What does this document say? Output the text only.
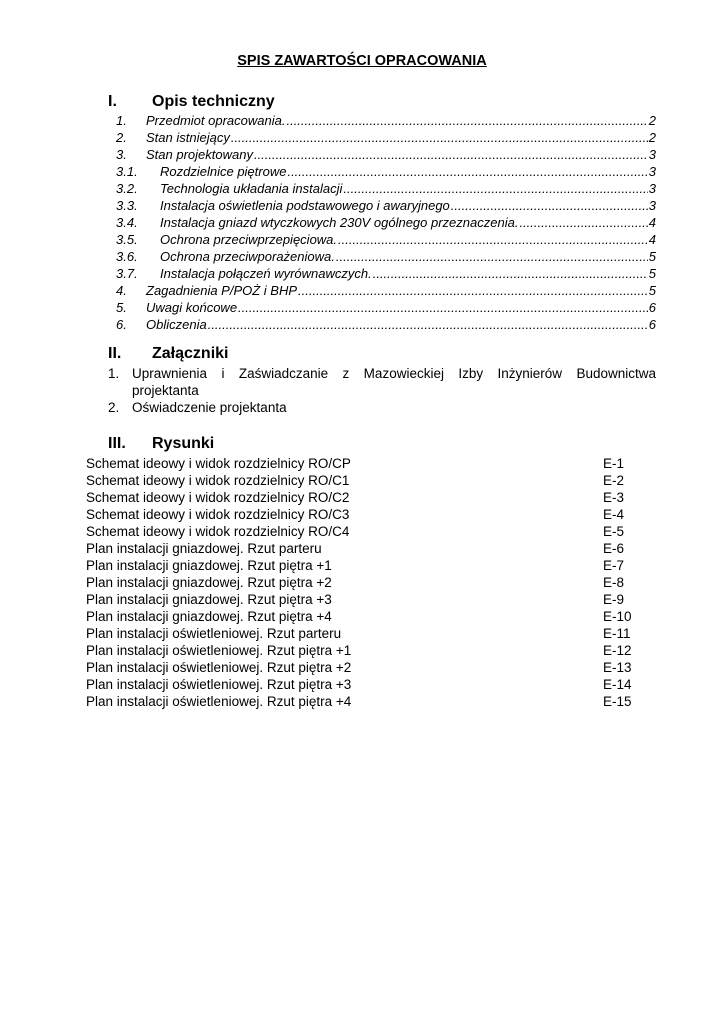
SPIS ZAWARTOŚCI OPRACOWANIA
I. Opis techniczny
1.	Przedmiot opracowania. .....	2
2.	Stan istniejący .....	2
3.	Stan projektowany .....	3
3.1.	Rozdzielnice piętrowe .....	3
3.2.	Technologia układania instalacji .....	3
3.3.	Instalacja oświetlenia podstawowego i awaryjnego .....	3
3.4.	Instalacja gniazd wtyczkowych 230V ogólnego przeznaczenia. .....	4
3.5.	Ochrona przeciwprzepięciowa. .....	4
3.6.	Ochrona przeciwporażeniowa. .....	5
3.7.	Instalacja połączeń wyrównawczych. .....	5
4.	Zagadnienia P/POŻ i BHP .....	5
5.	Uwagi końcowe .....	6
6.	Obliczenia .....	6
II. Załączniki
1. Uprawnienia i Zaświadczanie z Mazowieckiej Izby Inżynierów Budownictwa
projektanta
2. Oświadczenie projektanta
III. Rysunki
Schemat ideowy i widok rozdzielnicy RO/CP	E-1
Schemat ideowy i widok rozdzielnicy RO/C1	E-2
Schemat ideowy i widok rozdzielnicy RO/C2	E-3
Schemat ideowy i widok rozdzielnicy RO/C3	E-4
Schemat ideowy i widok rozdzielnicy RO/C4	E-5
Plan instalacji gniazdowej. Rzut parteru	E-6
Plan instalacji gniazdowej. Rzut piętra +1	E-7
Plan instalacji gniazdowej. Rzut piętra +2	E-8
Plan instalacji gniazdowej. Rzut piętra +3	E-9
Plan instalacji gniazdowej. Rzut piętra +4	E-10
Plan instalacji oświetleniowej. Rzut parteru	E-11
Plan instalacji oświetleniowej. Rzut piętra +1	E-12
Plan instalacji oświetleniowej. Rzut piętra +2	E-13
Plan instalacji oświetleniowej. Rzut piętra +3	E-14
Plan instalacji oświetleniowej. Rzut piętra +4	E-15
